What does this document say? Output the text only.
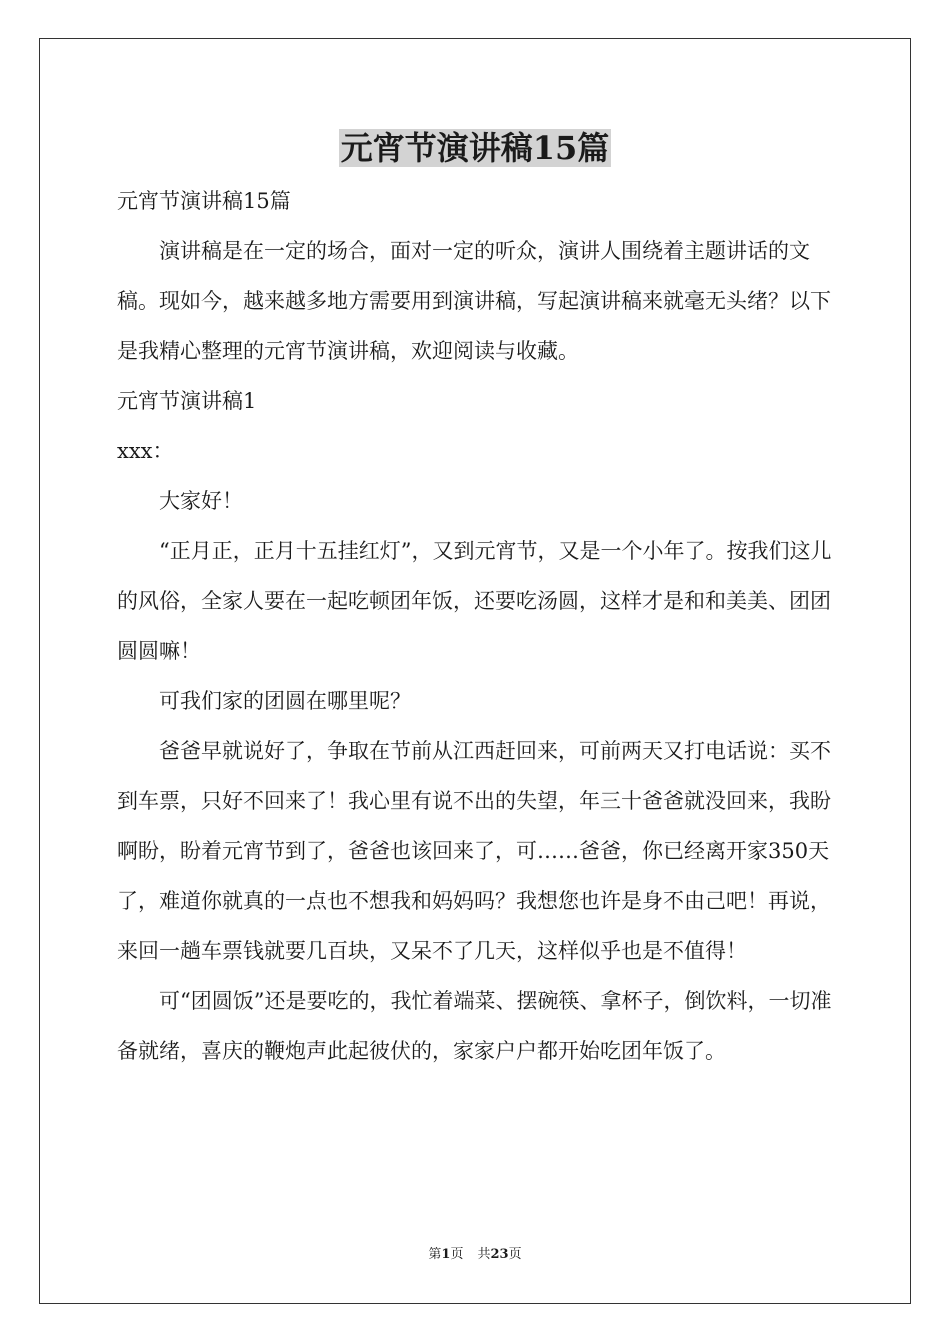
元宵节演讲稿15篇

元宵节演讲稿15篇

演讲稿是在一定的场合，面对一定的听众，演讲人围绕着主题讲话的文稿。现如今，越来越多地方需要用到演讲稿，写起演讲稿来就毫无头绪？以下是我精心整理的元宵节演讲稿，欢迎阅读与收藏。

元宵节演讲稿1

xxx：

大家好！

“正月正，正月十五挂红灯”，又到元宵节，又是一个小年了。按我们这儿的风俗，全家人要在一起吃顿团年饭，还要吃汤圆，这样才是和和美美、团团圆圆嘛！

可我们家的团圆在哪里呢？

爸爸早就说好了，争取在节前从江西赶回来，可前两天又打电话说：买不到车票，只好不回来了！我心里有说不出的失望，年三十爸爸就没回来，我盼啊盼，盼着元宵节到了，爸爸也该回来了，可……爸爸，你已经离开家350天了，难道你就真的一点也不想我和妈妈吗？我想您也许是身不由己吧！再说，来回一趟车票钱就要几百块，又呆不了几天，这样似乎也是不值得！

可“团圆饭”还是要吃的，我忙着端菜、摆碗筷、拿杯子，倒饮料，一切准备就绪，喜庆的鞭炮声此起彼伏的，家家户户都开始吃团年饭了。

第1页 共23页
